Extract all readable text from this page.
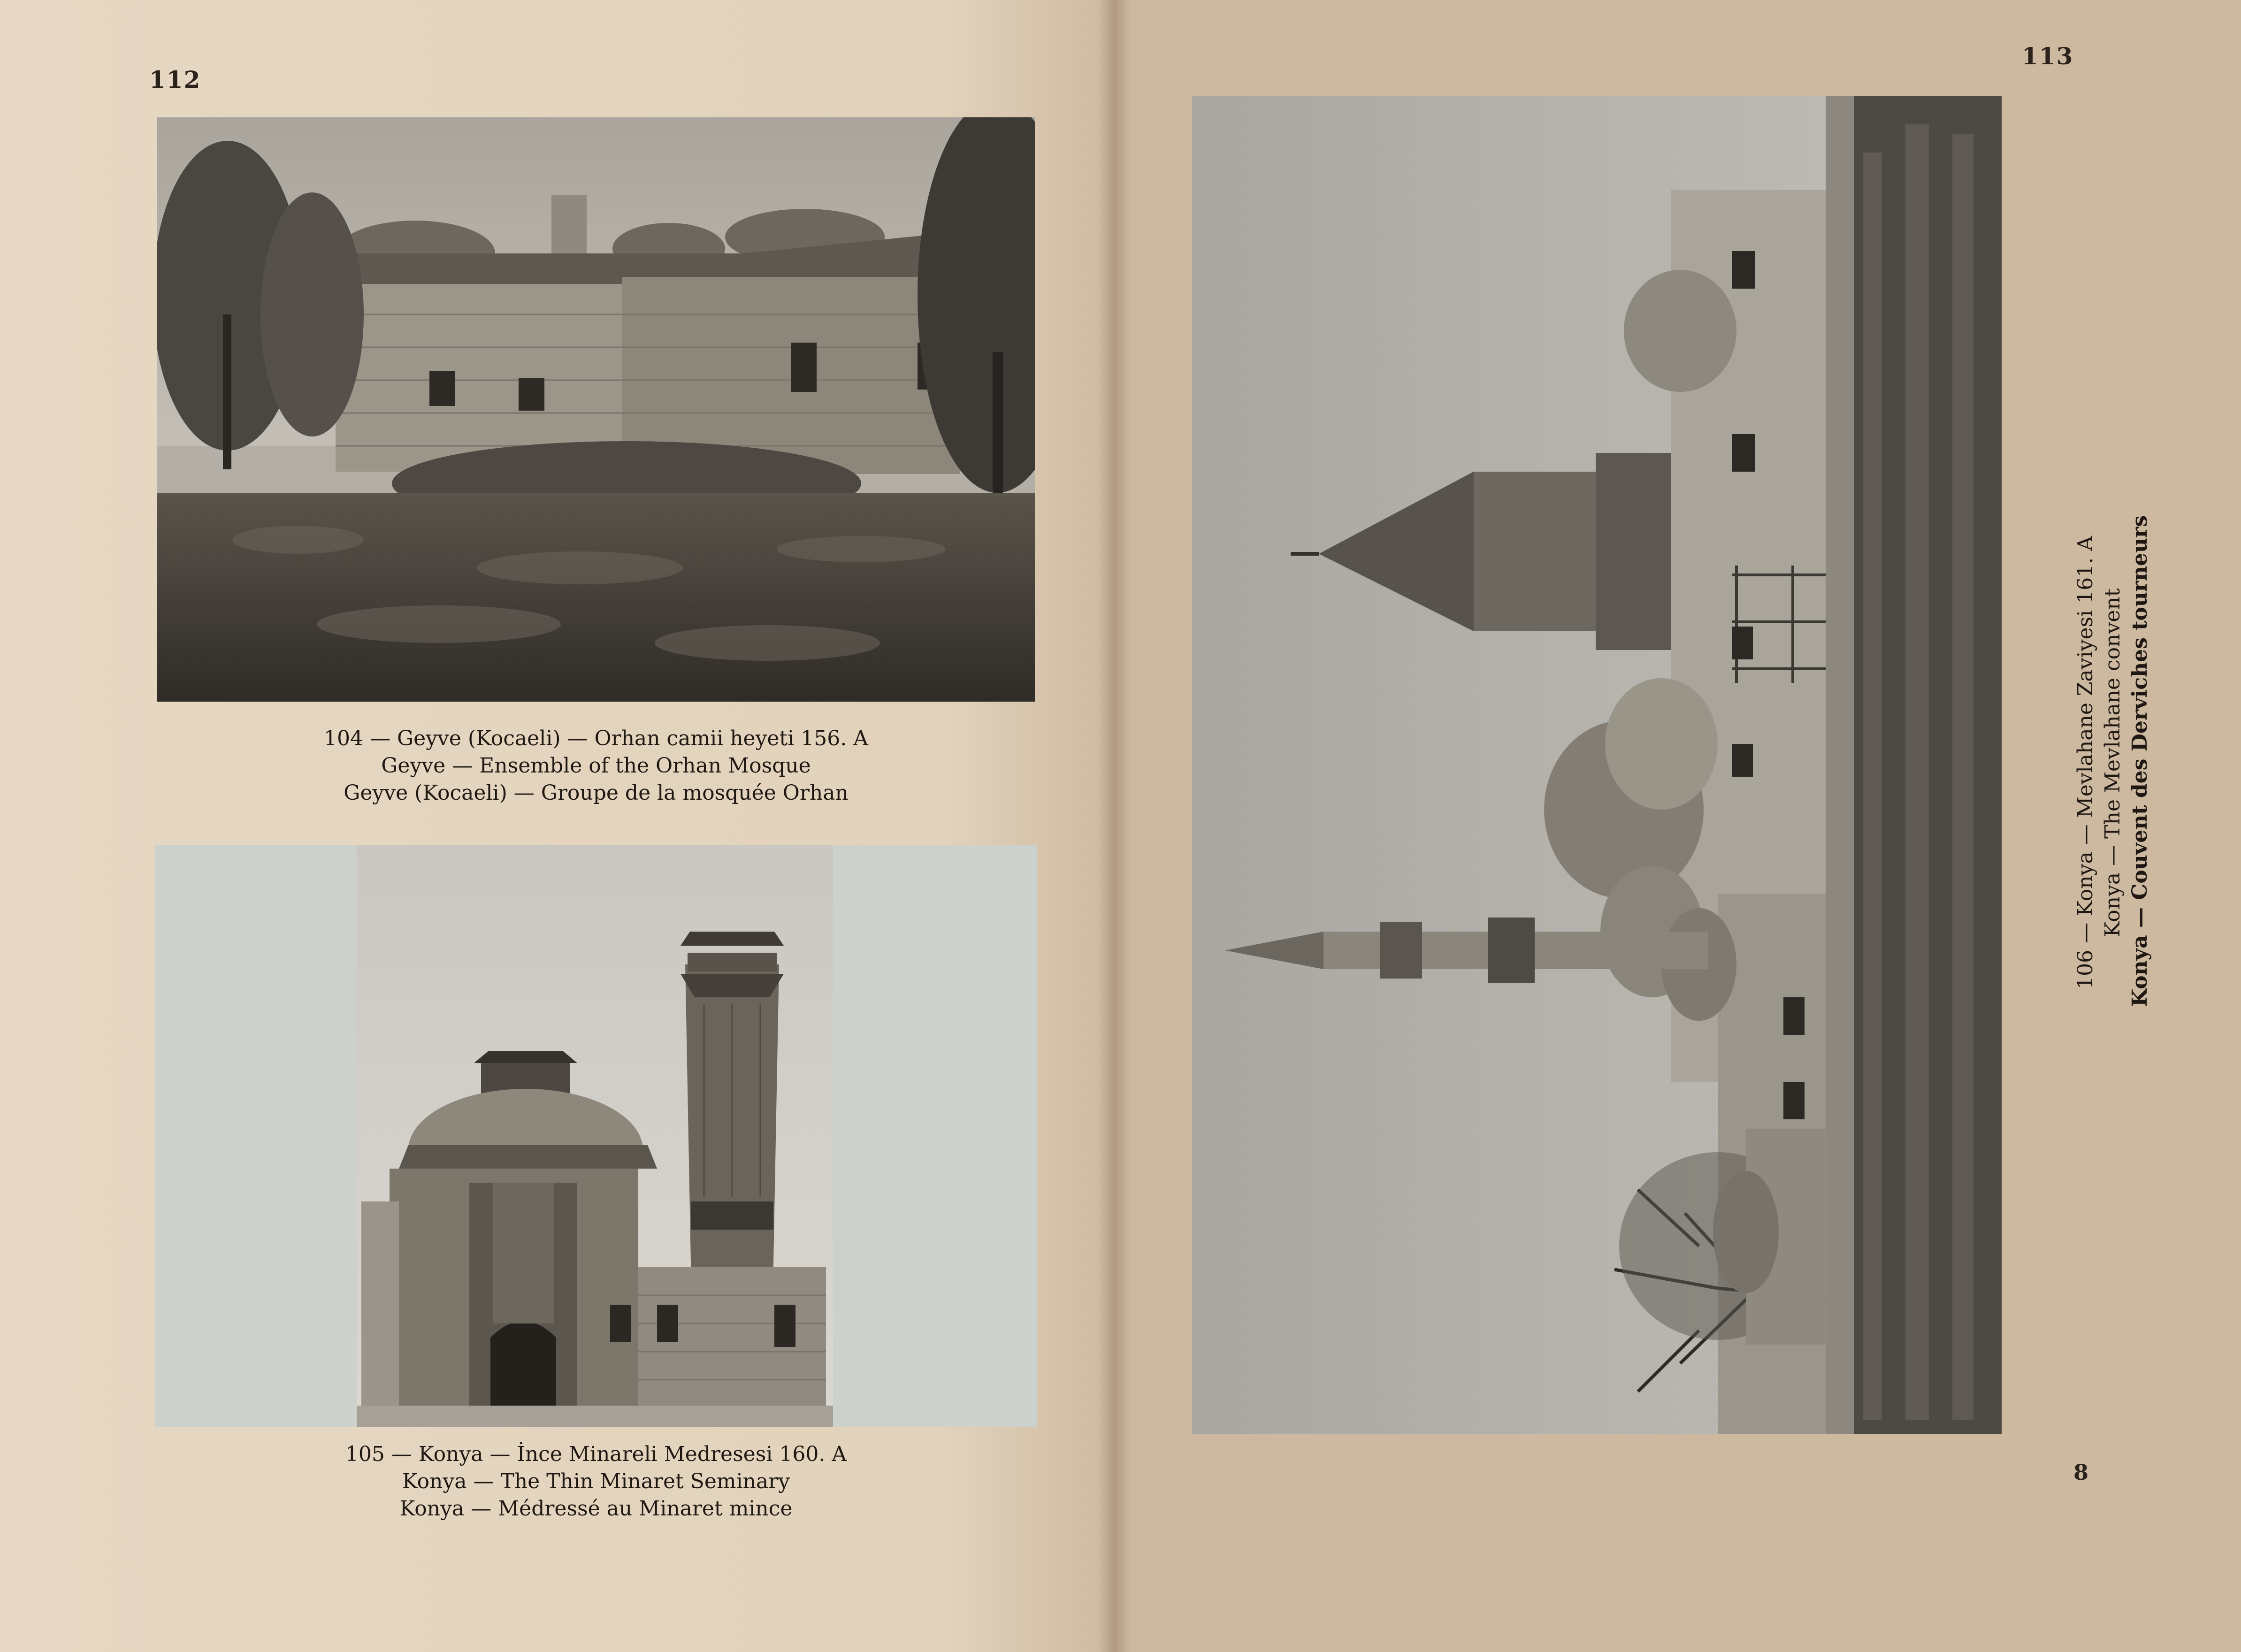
112
104 — Geyve (Kocaeli) — Orhan camii heyeti 156. A
Geyve — Ensemble of the Orhan Mosque
Geyve (Kocaeli) — Groupe de la mosquée Orhan
105 — Konya — İnce Minareli Medresesi 160. A
Konya — The Thin Minaret Seminary
Konya — Médressé au Minaret mince
113
106 — Konya — Mevlahane Zaviyesi 161. A Konya — The Mevlahane convent Konya — Couvent des Derviches tourneurs
8
